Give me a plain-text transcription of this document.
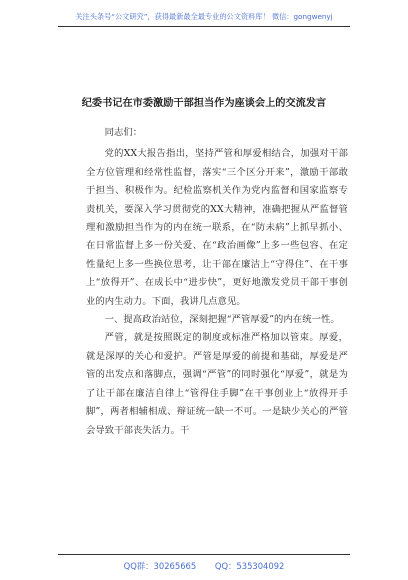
关注头条号“公文研究”，获得最新最全最专业的公文资料库！ 微信：gongwenyj
纪委书记在市委激励干部担当作为座谈会上的交流发言

同志们：

党的XX大报告指出，坚持严管和厚爱相结合，加强对干部全方位管理和经常性监督，落实“三个区分开来”，激励干部敢于担当、积极作为。纪检监察机关作为党内监督和国家监察专责机关，要深入学习贯彻党的XX大精神，准确把握从严监督管理和激励担当作为的内在统一联系，在“防未病”上抓早抓小、在日常监督上多一份关爱、在“政治画像”上多一些包容、在定性量纪上多一些换位思考，让干部在廉洁上“守得住”、在干事上“放得开”、在成长中“进步快”，更好地激发党员干部干事创业的内生动力。下面，我讲几点意见。

一、提高政治站位，深刻把握“严管厚爱”的内在统一性。

严管，就是按照既定的制度或标准严格加以管束。厚爱，就是深厚的关心和爱护。严管是厚爱的前提和基础，厚爱是严管的出发点和落脚点，强调“严管”的同时强化“厚爱”，就是为了让干部在廉洁自律上“管得住手脚”在干事创业上“放得开手脚”，两者相辅相成、辩证统一缺一不可。一是缺少关心的严管会导致干部丧失活力。干

QQ群：30265665 QQ：535304092
